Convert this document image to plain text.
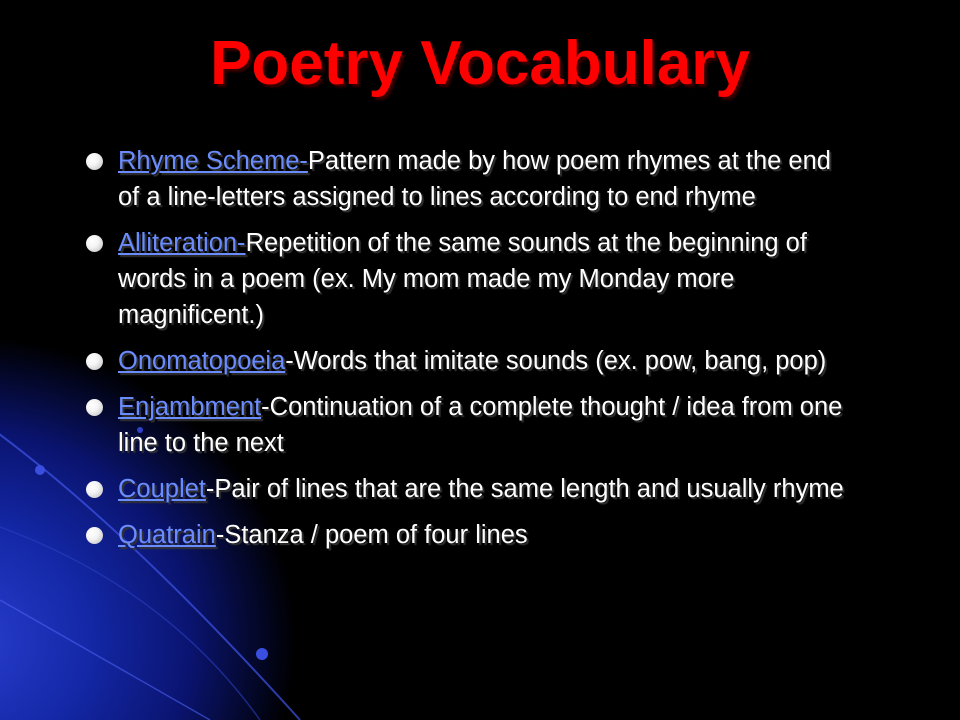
Poetry Vocabulary
Rhyme Scheme-Pattern made by how poem rhymes at the end of a line-letters assigned to lines according to end rhyme
Alliteration-Repetition of the same sounds at the beginning of words in a poem (ex. My mom made my Monday more magnificent.)
Onomatopoeia-Words that imitate sounds (ex. pow, bang, pop)
Enjambment-Continuation of a complete thought / idea from one line to the next
Couplet-Pair of lines that are the same length and usually rhyme
Quatrain-Stanza / poem of four lines
